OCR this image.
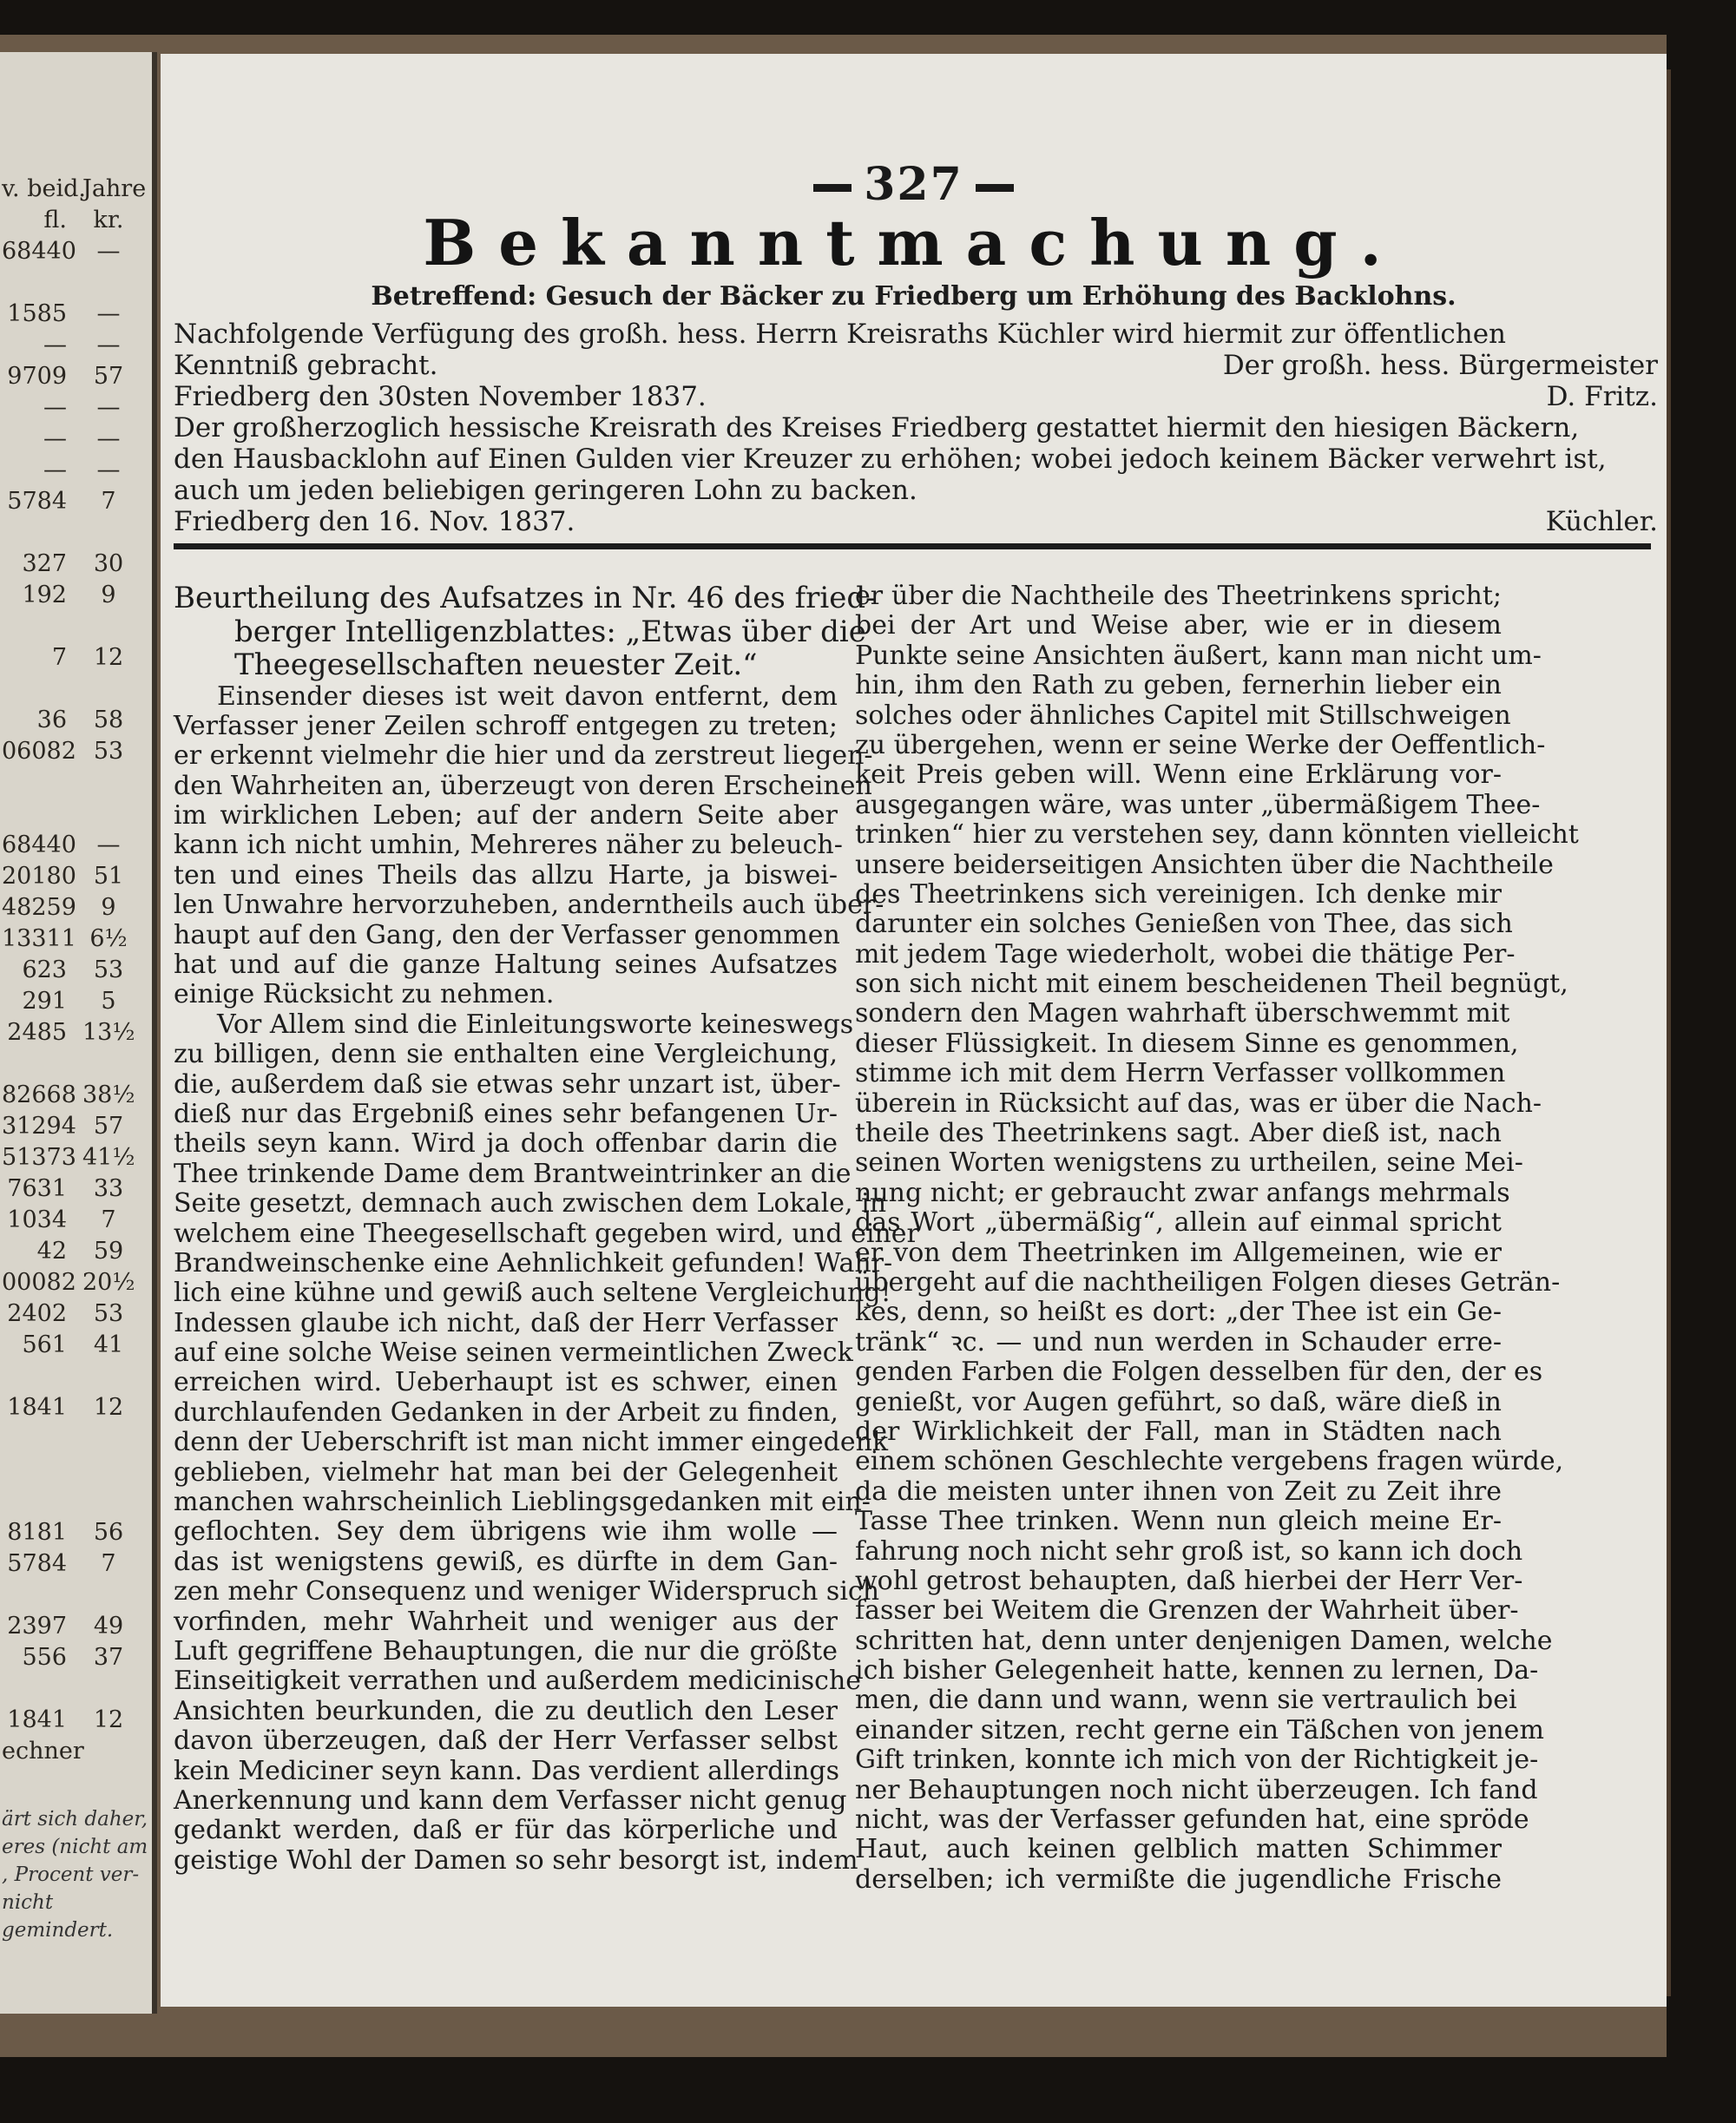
v. beid.Jahre
fl. kr.
68440 —
1585 —
— —
9709 57
— —
— —
— —
5784 7
327 30
192 9
7 12
36 58
06082 53
68440 —
20180 51
48259 9
13311 6½
623 53
291 5
2485 13½
82668 38½
31294 57
51373 41½
7631 33
1034 7
42 59
00082 20½
2402 53
561 41
1841 12
8181 56
5784 7
2397 49
556 37
1841 12
echner
ärt sich daher,
eres (nicht am
, Procent ver-
nicht gemindert.
327
Bekanntmachung.
Betreffend: Gesuch der Bäcker zu Friedberg um Erhöhung des Backlohns.
Nachfolgende Verfügung des großh. hess. Herrn Kreisraths Küchler wird hiermit zur öffentlichen
Kenntniß gebracht.	Der großh. hess. Bürgermeister
Friedberg den 30sten November 1837.	D. Fritz.
Der großherzoglich hessische Kreisrath des Kreises Friedberg gestattet hiermit den hiesigen Bäckern,
den Hausbacklohn auf Einen Gulden vier Kreuzer zu erhöhen; wobei jedoch keinem Bäcker verwehrt ist,
auch um jeden beliebigen geringeren Lohn zu backen.
Friedberg den 16. Nov. 1837.	Küchler.
Beurtheilung des Aufsatzes in Nr. 46 des fried-
berger Intelligenzblattes: „Etwas über die
Theegesellschaften neuester Zeit.“
Einsender dieses ist weit davon entfernt, dem
Verfasser jener Zeilen schroff entgegen zu treten;
er erkennt vielmehr die hier und da zerstreut liegen-
den Wahrheiten an, überzeugt von deren Erscheinen
im wirklichen Leben; auf der andern Seite aber
kann ich nicht umhin, Mehreres näher zu beleuch-
ten und eines Theils das allzu Harte, ja biswei-
len Unwahre hervorzuheben, anderntheils auch über-
haupt auf den Gang, den der Verfasser genommen
hat und auf die ganze Haltung seines Aufsatzes
einige Rücksicht zu nehmen.
Vor Allem sind die Einleitungsworte keineswegs
zu billigen, denn sie enthalten eine Vergleichung,
die, außerdem daß sie etwas sehr unzart ist, über-
dieß nur das Ergebniß eines sehr befangenen Ur-
theils seyn kann. Wird ja doch offenbar darin die
Thee trinkende Dame dem Brantweintrinker an die
Seite gesetzt, demnach auch zwischen dem Lokale, in
welchem eine Theegesellschaft gegeben wird, und einer
Brandweinschenke eine Aehnlichkeit gefunden! Wahr-
lich eine kühne und gewiß auch seltene Vergleichung!
Indessen glaube ich nicht, daß der Herr Verfasser
auf eine solche Weise seinen vermeintlichen Zweck
erreichen wird. Ueberhaupt ist es schwer, einen
durchlaufenden Gedanken in der Arbeit zu finden,
denn der Ueberschrift ist man nicht immer eingedenk
geblieben, vielmehr hat man bei der Gelegenheit
manchen wahrscheinlich Lieblingsgedanken mit ein-
geflochten. Sey dem übrigens wie ihm wolle —
das ist wenigstens gewiß, es dürfte in dem Gan-
zen mehr Consequenz und weniger Widerspruch sich
vorfinden, mehr Wahrheit und weniger aus der
Luft gegriffene Behauptungen, die nur die größte
Einseitigkeit verrathen und außerdem medicinische
Ansichten beurkunden, die zu deutlich den Leser
davon überzeugen, daß der Herr Verfasser selbst
kein Mediciner seyn kann. Das verdient allerdings
Anerkennung und kann dem Verfasser nicht genug
gedankt werden, daß er für das körperliche und
geistige Wohl der Damen so sehr besorgt ist, indem
er über die Nachtheile des Theetrinkens spricht;
bei der Art und Weise aber, wie er in diesem
Punkte seine Ansichten äußert, kann man nicht um-
hin, ihm den Rath zu geben, fernerhin lieber ein
solches oder ähnliches Capitel mit Stillschweigen
zu übergehen, wenn er seine Werke der Oeffentlich-
keit Preis geben will. Wenn eine Erklärung vor-
ausgegangen wäre, was unter „übermäßigem Thee-
trinken“ hier zu verstehen sey, dann könnten vielleicht
unsere beiderseitigen Ansichten über die Nachtheile
des Theetrinkens sich vereinigen. Ich denke mir
darunter ein solches Genießen von Thee, das sich
mit jedem Tage wiederholt, wobei die thätige Per-
son sich nicht mit einem bescheidenen Theil begnügt,
sondern den Magen wahrhaft überschwemmt mit
dieser Flüssigkeit. In diesem Sinne es genommen,
stimme ich mit dem Herrn Verfasser vollkommen
überein in Rücksicht auf das, was er über die Nach-
theile des Theetrinkens sagt. Aber dieß ist, nach
seinen Worten wenigstens zu urtheilen, seine Mei-
nung nicht; er gebraucht zwar anfangs mehrmals
das Wort „übermäßig“, allein auf einmal spricht
er von dem Theetrinken im Allgemeinen, wie er
übergeht auf die nachtheiligen Folgen dieses Geträn-
kes, denn, so heißt es dort: „der Thee ist ein Ge-
tränk“ ꝛc. — und nun werden in Schauder erre-
genden Farben die Folgen desselben für den, der es
genießt, vor Augen geführt, so daß, wäre dieß in
der Wirklichkeit der Fall, man in Städten nach
einem schönen Geschlechte vergebens fragen würde,
da die meisten unter ihnen von Zeit zu Zeit ihre
Tasse Thee trinken. Wenn nun gleich meine Er-
fahrung noch nicht sehr groß ist, so kann ich doch
wohl getrost behaupten, daß hierbei der Herr Ver-
fasser bei Weitem die Grenzen der Wahrheit über-
schritten hat, denn unter denjenigen Damen, welche
ich bisher Gelegenheit hatte, kennen zu lernen, Da-
men, die dann und wann, wenn sie vertraulich bei
einander sitzen, recht gerne ein Täßchen von jenem
Gift trinken, konnte ich mich von der Richtigkeit je-
ner Behauptungen noch nicht überzeugen. Ich fand
nicht, was der Verfasser gefunden hat, eine spröde
Haut, auch keinen gelblich matten Schimmer
derselben; ich vermißte die jugendliche Frische
